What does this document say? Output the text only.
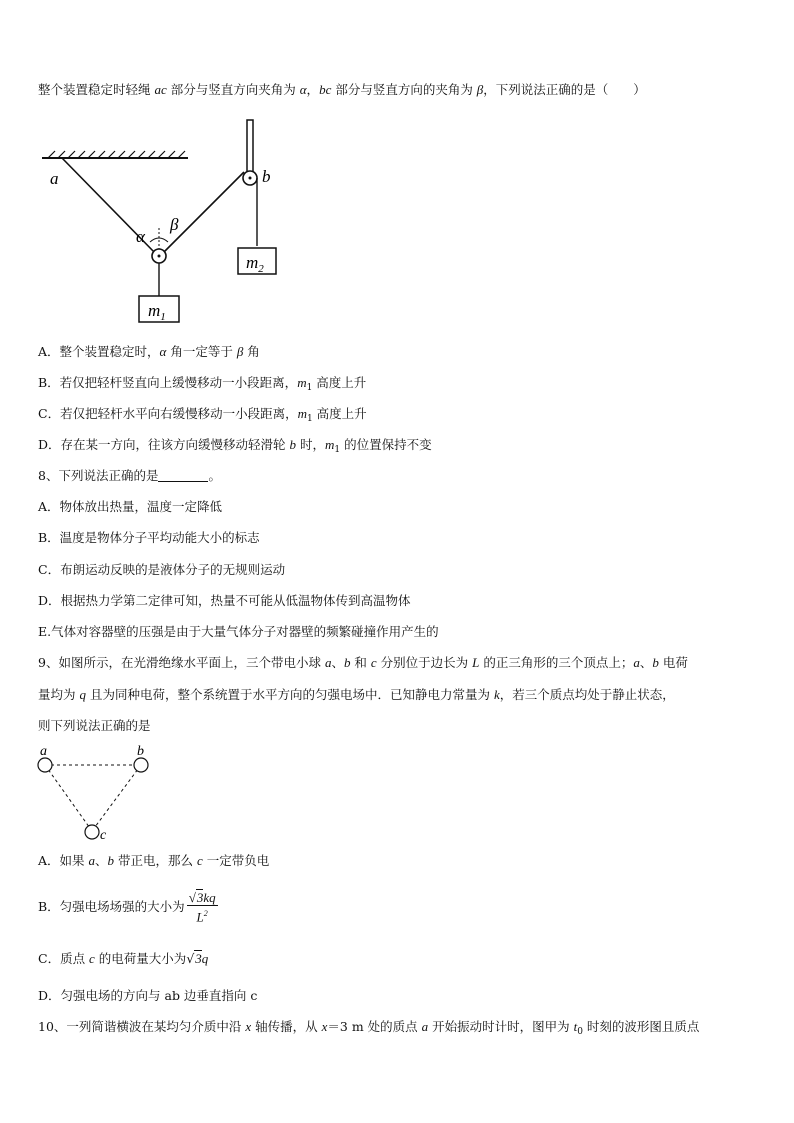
整个装置稳定时轻绳 ac 部分与竖直方向夹角为 α，bc 部分与竖直方向的夹角为 β，下列说法正确的是（　　）
a	b
α
β
$m_1$
$m_2$
A．整个装置稳定时，α 角一定等于 β 角
B．若仅把轻杆竖直向上缓慢移动一小段距离，$m_1$ 高度上升
C．若仅把轻杆水平向右缓慢移动一小段距离，$m_1$ 高度上升
D．存在某一方向，往该方向缓慢移动轻滑轮 b 时，$m_1$ 的位置保持不变
8、下列说法正确的是	。
A．物体放出热量，温度一定降低
B．温度是物体分子平均动能大小的标志
C．布朗运动反映的是液体分子的无规则运动
D．根据热力学第二定律可知，热量不可能从低温物体传到高温物体
E.气体对容器壁的压强是由于大量气体分子对器壁的频繁碰撞作用产生的
9、如图所示，在光滑绝缘水平面上，三个带电小球 a、b 和 c 分别位于边长为 L 的正三角形的三个顶点上；a、b 电荷
量均为 q 且为同种电荷，整个系统置于水平方向的匀强电场中．已知静电力常量为 k，若三个质点均处于静止状态，
则下列说法正确的是
a	b
c
A．如果 a、b 带正电，那么 c 一定带负电
B．匀强电场场强的大小为 $\frac{√3kq}{L^2}$
C．质点 c 的电荷量大小为√3q
D．匀强电场的方向与 ab 边垂直指向 c
10、一列简谐横波在某均匀介质中沿 x 轴传播，从 x＝3 m 处的质点 a 开始振动时计时，图甲为 $t_0$ 时刻的波形图且质点
